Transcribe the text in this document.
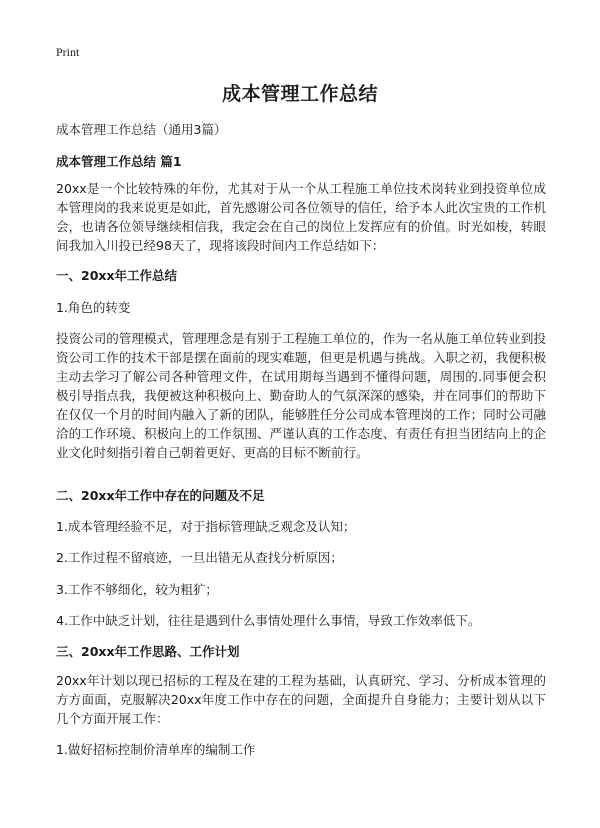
Print
成本管理工作总结
成本管理工作总结（通用3篇）
成本管理工作总结 篇1
20xx是一个比较特殊的年份，尤其对于从一个从工程施工单位技术岗转业到投资单位成本管理岗的我来说更是如此，首先感谢公司各位领导的信任，给予本人此次宝贵的工作机会，也请各位领导继续相信我，我定会在自己的岗位上发挥应有的价值。时光如梭，转眼间我加入川投已经98天了，现将该段时间内工作总结如下：
一、20xx年工作总结
1.角色的转变
投资公司的管理模式，管理理念是有别于工程施工单位的，作为一名从施工单位转业到投资公司工作的技术干部是摆在面前的现实难题，但更是机遇与挑战。入职之初，我便积极主动去学习了解公司各种管理文件，在试用期每当遇到不懂得问题，周围的.同事便会积极引导指点我，我便被这种积极向上、勤奋助人的气氛深深的感染，并在同事们的帮助下在仅仅一个月的时间内融入了新的团队，能够胜任分公司成本管理岗的工作；同时公司融洽的工作环境、积极向上的工作氛围、严谨认真的工作态度、有责任有担当团结向上的企业文化时刻指引着自己朝着更好、更高的目标不断前行。
二、20xx年工作中存在的问题及不足
1.成本管理经验不足，对于指标管理缺乏观念及认知；
2.工作过程不留痕迹，一旦出错无从查找分析原因；
3.工作不够细化，较为粗犷；
4.工作中缺乏计划，往往是遇到什么事情处理什么事情，导致工作效率低下。
三、20xx年工作思路、工作计划
20xx年计划以现已招标的工程及在建的工程为基础，认真研究、学习、分析成本管理的方方面面，克服解决20xx年度工作中存在的问题，全面提升自身能力；主要计划从以下几个方面开展工作：
1.做好招标控制价清单库的编制工作
